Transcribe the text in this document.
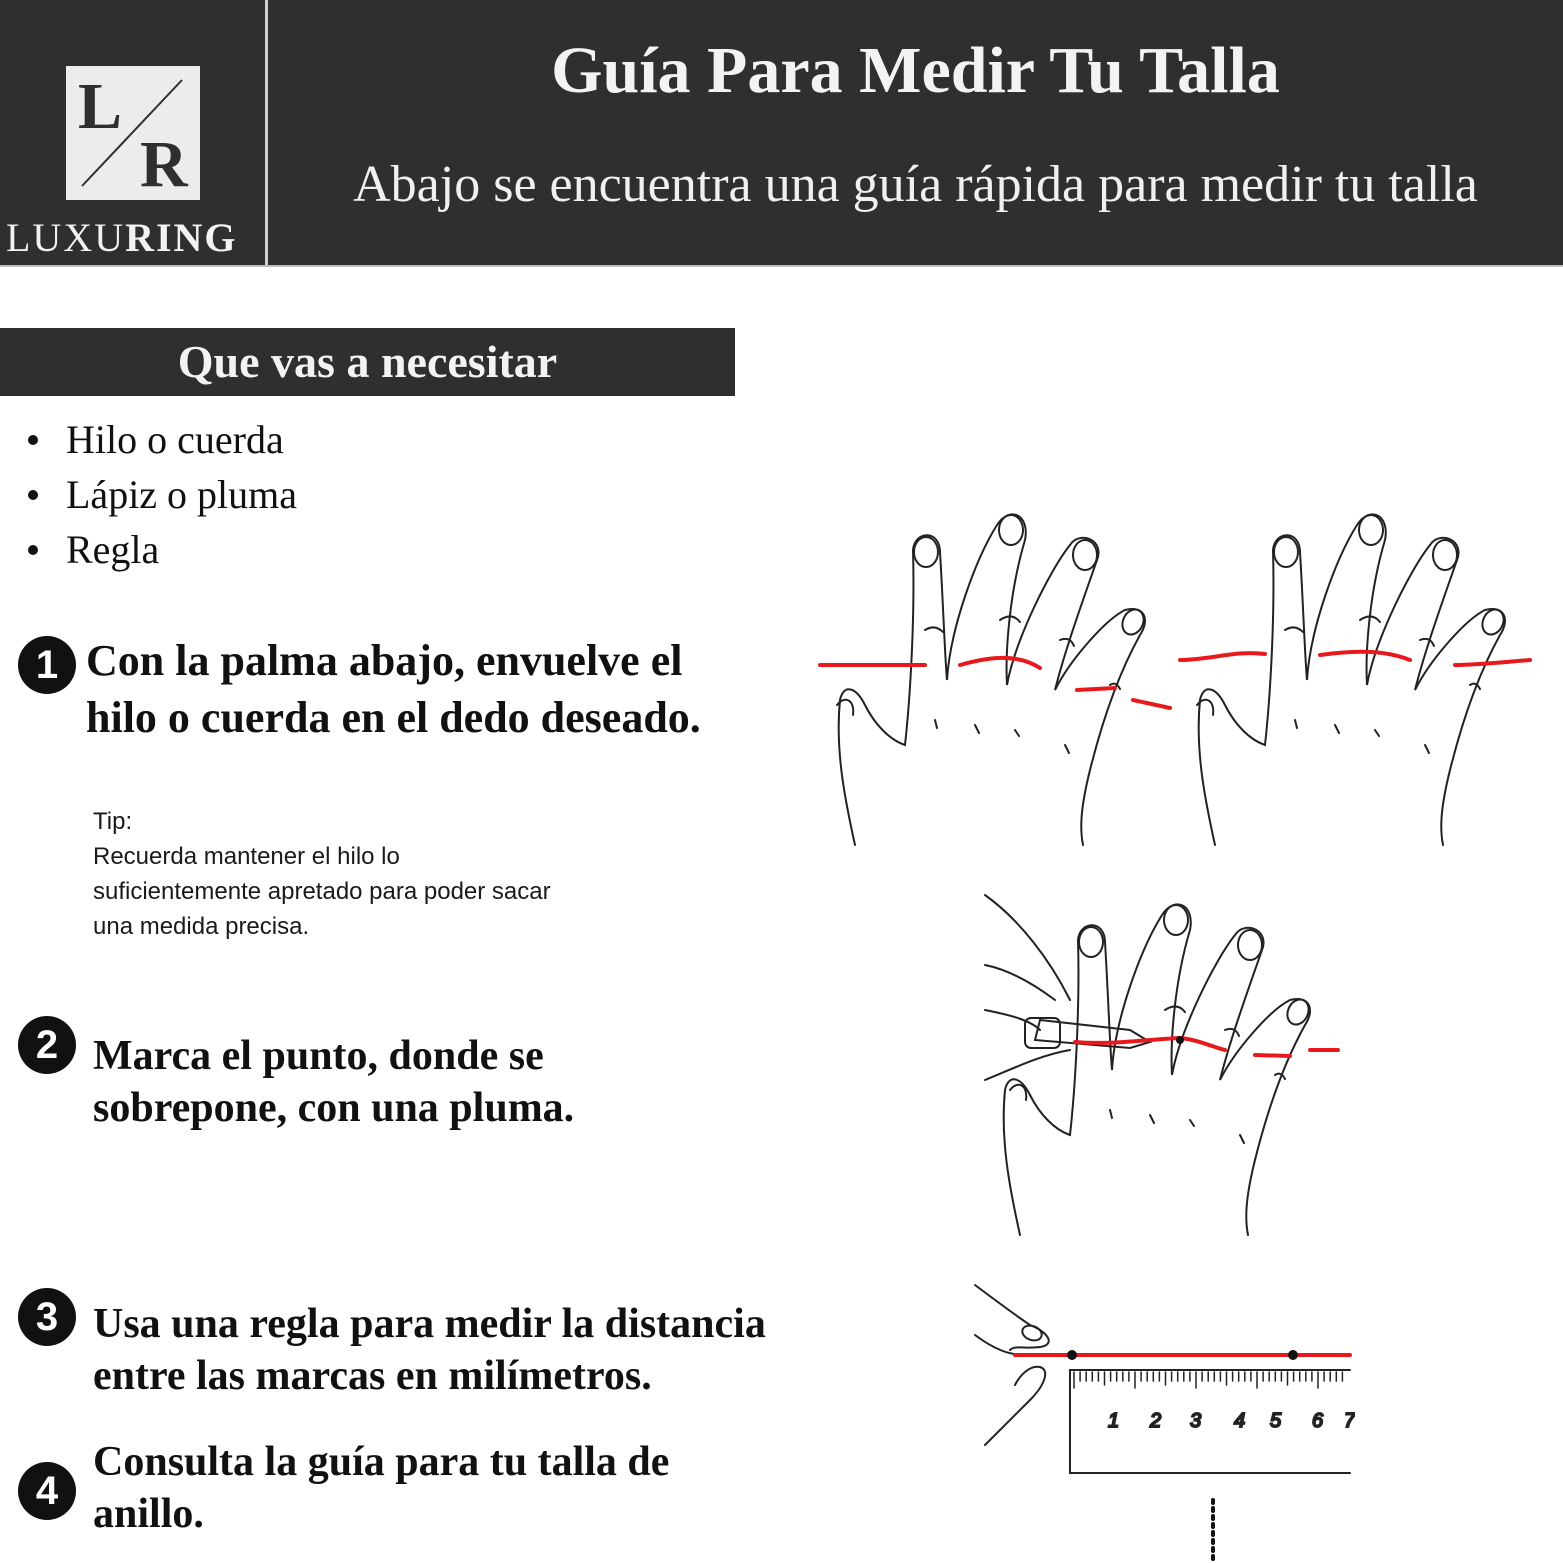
L
R
LUXURING
Guía Para Medir Tu Talla
Abajo se encuentra una guía rápida para medir tu talla
Que vas a necesitar
Hilo o cuerda
Lápiz o pluma
Regla
1 Con la palma abajo, envuelve el
hilo o cuerda en el dedo deseado.
Tip:
Recuerda mantener el hilo lo
suficientemente apretado para poder sacar
una medida precisa.
2 Marca el punto, donde se
sobrepone, con una pluma.
3 Usa una regla para medir la distancia
entre las marcas en milímetros.
4
Consulta la guía para tu talla de
anillo.
1 2 3 4 5 6 7
